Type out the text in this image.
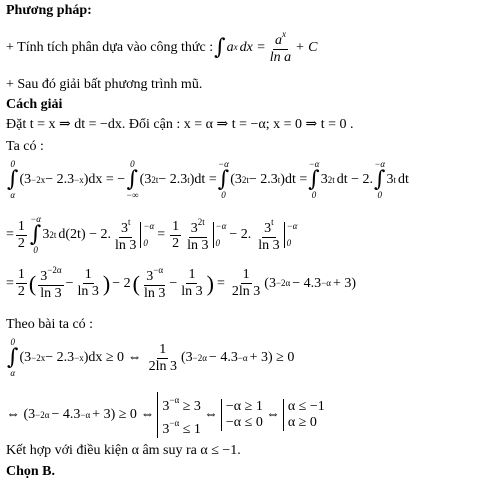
Phương pháp:
+ Tính tích phân dựa vào công thức : ∫ a x dx = $\frac{a^x}{\text{ln a}} + C$
+ Sau đó giải bất phương trình mũ.
Cách giải
Đặt t = x ⇒ dt = −dx. Đổi cận : x = α ⇒ t = −α; x = 0 ⇒ t = 0 .
Ta có :
0
∫
α
(3 −2x − 2.3 −x )dx = −
0
∫
−∞
(3 2t − 2.3 t )dt =
−α
∫
0
(3 2t − 2.3 t )dt =
−α
∫
0
3 2t dt − 2.
−α
∫
0
3 t dt
= $\frac{1}{2}$
−α
∫
0
3 2t d(2t) − 2. $\frac{3^t}{\ln 3} -\alpha$
0
= $\frac{1}{2} \frac{3^{2t}}{\ln 3} -\alpha$
0
− 2. $\frac{3^t}{\ln 3} -\alpha$
0
= $\frac{1}{2}$ ( $\frac{3^{-2\alpha}}{\ln 3} - \frac{1}{\ln 3}$ ) − 2 ( $\frac{3^{-\alpha}}{\ln 3} - \frac{1}{\ln 3}$ ) = $\frac{1}{2\ln 3} (3 -2\alpha - 4.3 -\alpha + 3)$
Theo bài ta có :
0
∫
α
(3 −2x − 2.3 −x )dx ≥ 0 ⇔ $\frac{1}{2\ln 3} (3 -2\alpha - 4.3 -\alpha + 3) \ge 0$
⇔ (3 −2α − 4.3 −α + 3) ≥ 0 ⇔
$3^{-\alpha} \ge 3$
$3^{-\alpha} \le 1$
⇔
−α ≥ 1
−α ≤ 0
⇔
α ≤ −1
α ≥ 0
Kết hợp với điều kiện α âm suy ra α ≤ −1.
Chọn B.
